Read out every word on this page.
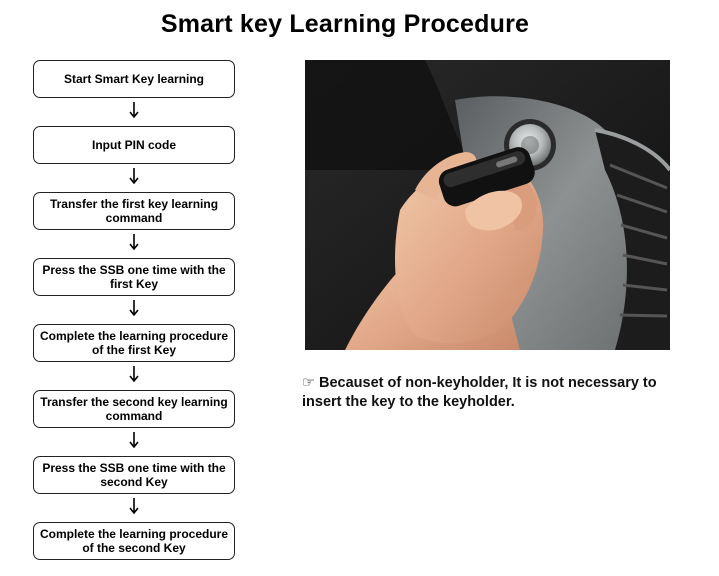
Smart key Learning Procedure
Start Smart Key learning
Input PIN code
Transfer the first key learning command
Press the SSB one time with the first Key
Complete the learning procedure of the first Key
Transfer the second key learning command
Press the SSB one time with the second Key
Complete the learning procedure of the second Key
☞ Becauset of non-keyholder, It is not necessary to insert the key to the keyholder.
